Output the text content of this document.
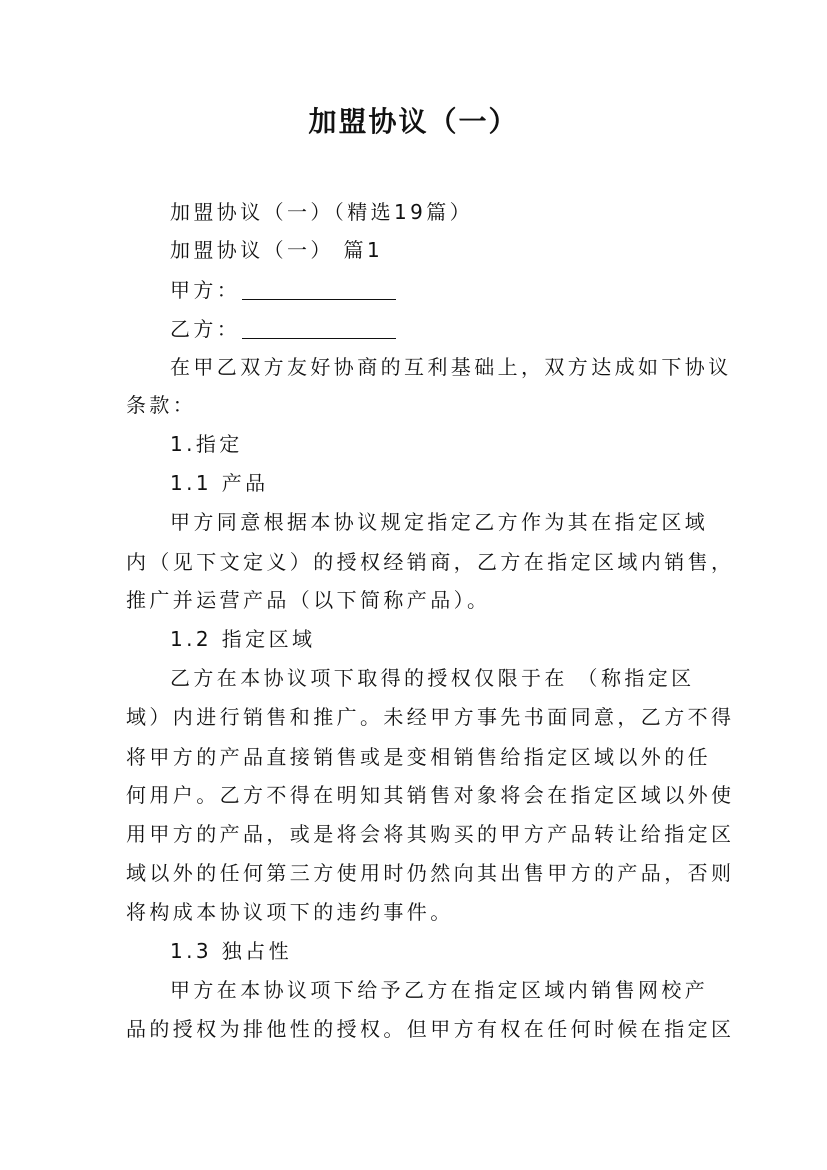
加盟协议（一）
加盟协议（一）（精选19篇）
加盟协议（一） 篇1
甲方：
乙方：
在甲乙双方友好协商的互利基础上，双方达成如下协议
条款：
1.指定
1.1 产品
甲方同意根据本协议规定指定乙方作为其在指定区域
内（见下文定义）的授权经销商，乙方在指定区域内销售，
推广并运营产品（以下简称产品）。
1.2 指定区域
乙方在本协议项下取得的授权仅限于在 （称指定区
域）内进行销售和推广。未经甲方事先书面同意，乙方不得
将甲方的产品直接销售或是变相销售给指定区域以外的任
何用户。乙方不得在明知其销售对象将会在指定区域以外使
用甲方的产品，或是将会将其购买的甲方产品转让给指定区
域以外的任何第三方使用时仍然向其出售甲方的产品，否则
将构成本协议项下的违约事件。
1.3 独占性
甲方在本协议项下给予乙方在指定区域内销售网校产
品的授权为排他性的授权。但甲方有权在任何时候在指定区
